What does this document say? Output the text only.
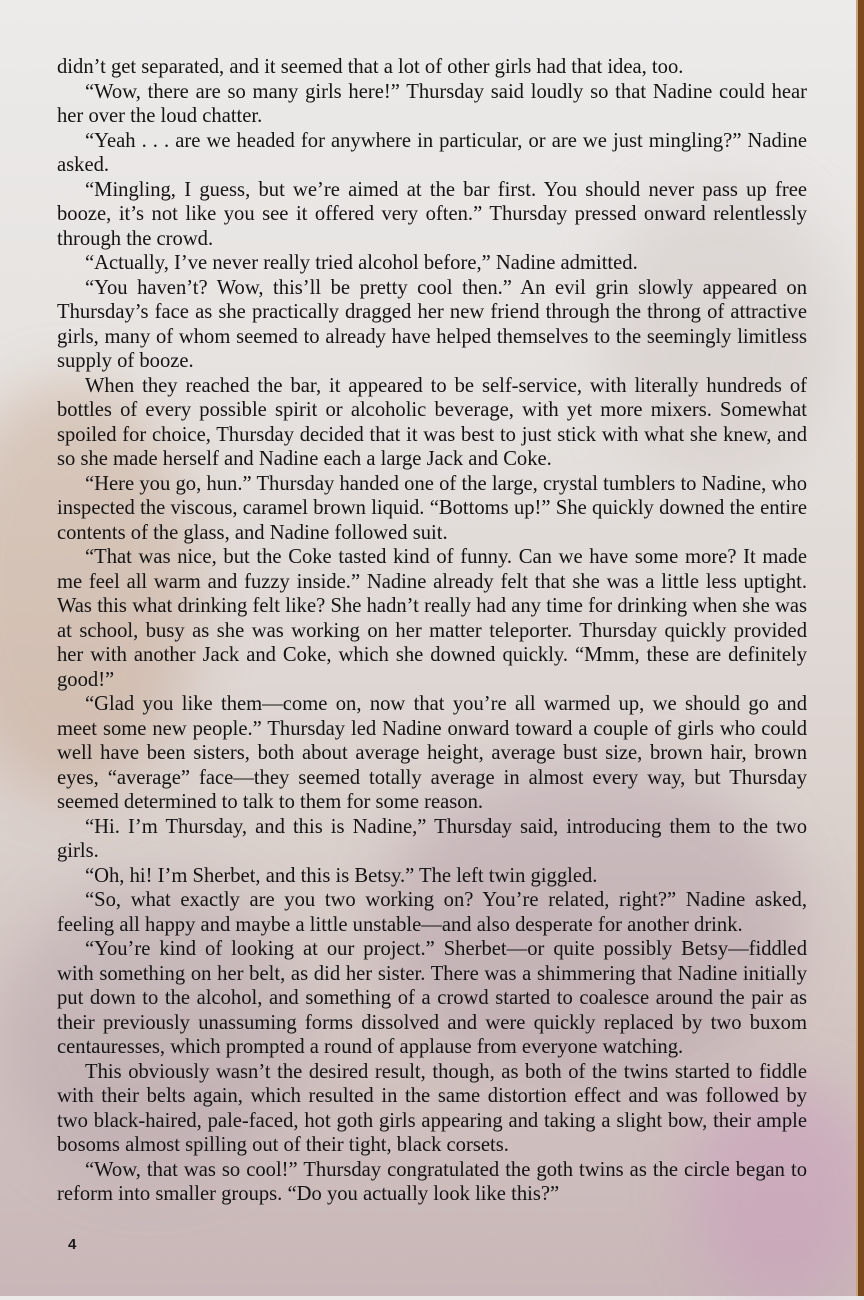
didn’t get separated, and it seemed that a lot of other girls had that idea, too.

“Wow, there are so many girls here!” Thursday said loudly so that Nadine could hear her over the loud chatter.

“Yeah . . . are we headed for anywhere in particular, or are we just mingling?” Nadine asked.

“Mingling, I guess, but we’re aimed at the bar first. You should never pass up free booze, it’s not like you see it offered very often.” Thursday pressed onward relentlessly through the crowd.

“Actually, I’ve never really tried alcohol before,” Nadine admitted.

“You haven’t? Wow, this’ll be pretty cool then.” An evil grin slowly appeared on Thursday’s face as she practically dragged her new friend through the throng of attractive girls, many of whom seemed to already have helped themselves to the seemingly limitless supply of booze.

When they reached the bar, it appeared to be self-service, with literally hundreds of bottles of every possible spirit or alcoholic beverage, with yet more mixers. Somewhat spoiled for choice, Thursday decided that it was best to just stick with what she knew, and so she made herself and Nadine each a large Jack and Coke.

“Here you go, hun.” Thursday handed one of the large, crystal tumblers to Nadine, who inspected the viscous, caramel brown liquid. “Bottoms up!” She quickly downed the entire contents of the glass, and Nadine followed suit.

“That was nice, but the Coke tasted kind of funny. Can we have some more? It made me feel all warm and fuzzy inside.” Nadine already felt that she was a little less uptight. Was this what drinking felt like? She hadn’t really had any time for drinking when she was at school, busy as she was working on her matter teleporter. Thursday quickly provided her with another Jack and Coke, which she downed quickly. “Mmm, these are definitely good!”

“Glad you like them—come on, now that you’re all warmed up, we should go and meet some new people.” Thursday led Nadine onward toward a couple of girls who could well have been sisters, both about average height, average bust size, brown hair, brown eyes, “average” face—they seemed totally average in almost every way, but Thursday seemed determined to talk to them for some reason.

“Hi. I’m Thursday, and this is Nadine,” Thursday said, introducing them to the two girls.

“Oh, hi! I’m Sherbet, and this is Betsy.” The left twin giggled.

“So, what exactly are you two working on? You’re related, right?” Nadine asked, feeling all happy and maybe a little unstable—and also desperate for another drink.

“You’re kind of looking at our project.” Sherbet—or quite possibly Betsy—fiddled with something on her belt, as did her sister. There was a shimmering that Nadine initially put down to the alcohol, and something of a crowd started to coalesce around the pair as their previously unassuming forms dissolved and were quickly replaced by two buxom centauresses, which prompted a round of applause from everyone watching.

This obviously wasn’t the desired result, though, as both of the twins started to fiddle with their belts again, which resulted in the same distortion effect and was followed by two black-haired, pale-faced, hot goth girls appearing and taking a slight bow, their ample bosoms almost spilling out of their tight, black corsets.

“Wow, that was so cool!” Thursday congratulated the goth twins as the circle began to reform into smaller groups. “Do you actually look like this?”

4
